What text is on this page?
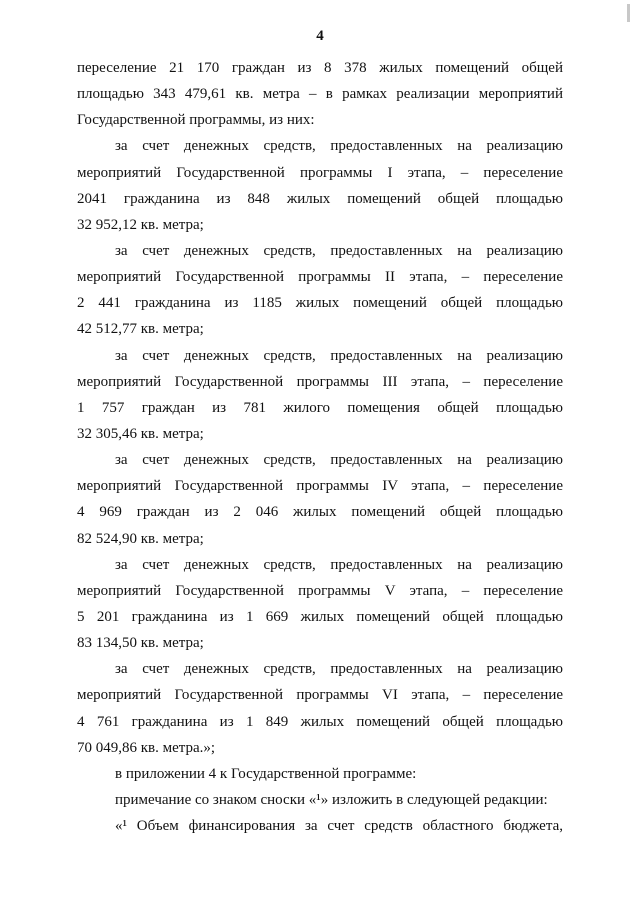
4
переселение 21 170 граждан из 8 378 жилых помещений общей
площадью 343 479,61 кв. метра – в рамках реализации мероприятий
Государственной программы, из них:
за счет денежных средств, предоставленных на реализацию
мероприятий Государственной программы I этапа, – переселение
2041 гражданина из 848 жилых помещений общей площадью
32 952,12 кв. метра;
за счет денежных средств, предоставленных на реализацию
мероприятий Государственной программы II этапа, – переселение
2 441 гражданина из 1185 жилых помещений общей площадью
42 512,77 кв. метра;
за счет денежных средств, предоставленных на реализацию
мероприятий Государственной программы III этапа, – переселение
1 757 граждан из 781 жилого помещения общей площадью
32 305,46 кв. метра;
за счет денежных средств, предоставленных на реализацию
мероприятий Государственной программы IV этапа, – переселение
4 969 граждан из 2 046 жилых помещений общей площадью
82 524,90 кв. метра;
за счет денежных средств, предоставленных на реализацию
мероприятий Государственной программы V этапа, – переселение
5 201 гражданина из 1 669 жилых помещений общей площадью
83 134,50 кв. метра;
за счет денежных средств, предоставленных на реализацию
мероприятий Государственной программы VI этапа, – переселение
4 761 гражданина из 1 849 жилых помещений общей площадью
70 049,86 кв. метра.»;
в приложении 4 к Государственной программе:
примечание со знаком сноски «¹» изложить в следующей редакции:
«¹ Объем финансирования за счет средств областного бюджета,
